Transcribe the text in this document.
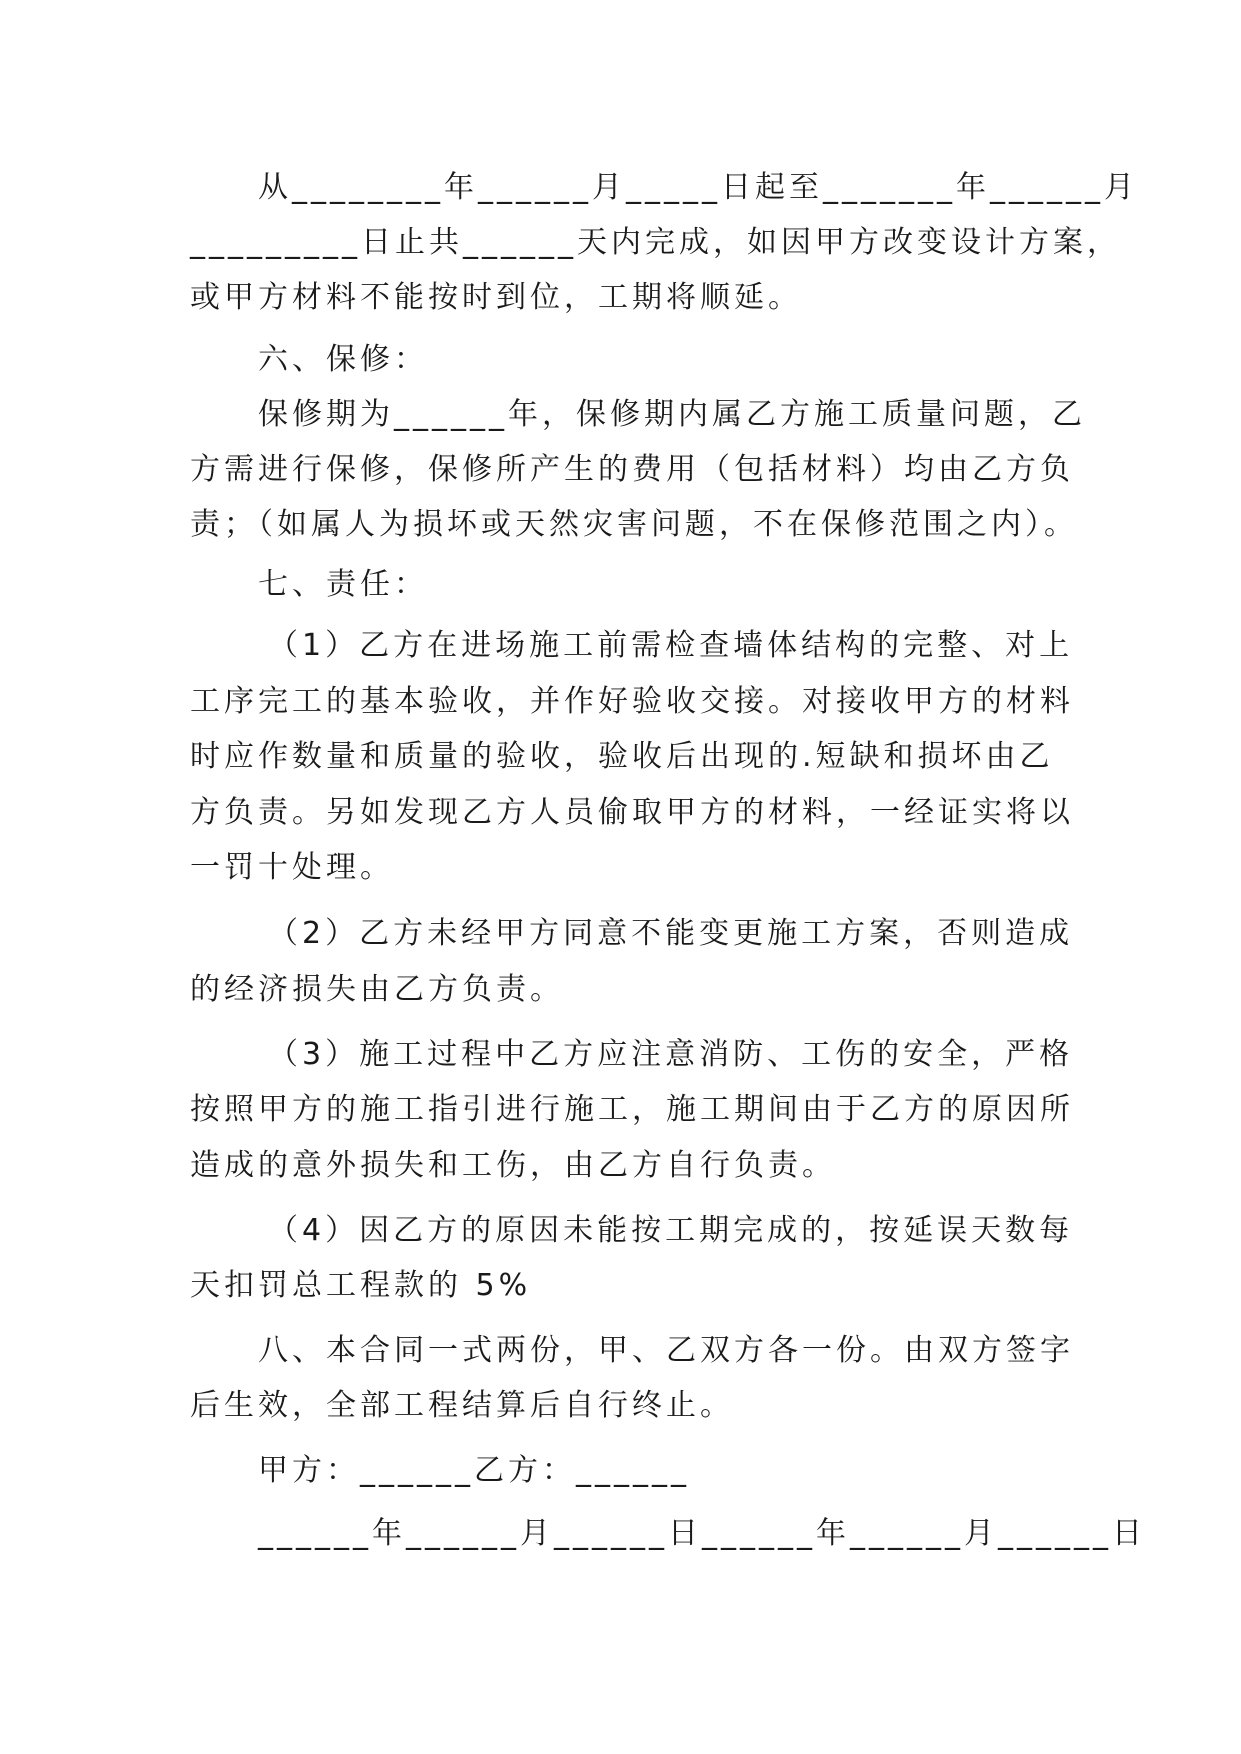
从________年______月_____日起至_______年______月

_________日止共______天内完成，如因甲方改变设计方案，

或甲方材料不能按时到位，工期将顺延。

六、保修：

保修期为______年，保修期内属乙方施工质量问题，乙

方需进行保修，保修所产生的费用（包括材料）均由乙方负

责；（如属人为损坏或天然灾害问题，不在保修范围之内）。

七、责任：

（1）乙方在进场施工前需检查墙体结构的完整、对上

工序完工的基本验收，并作好验收交接。对接收甲方的材料

时应作数量和质量的验收，验收后出现的.短缺和损坏由乙

方负责。另如发现乙方人员偷取甲方的材料，一经证实将以

一罚十处理。

（2）乙方未经甲方同意不能变更施工方案，否则造成

的经济损失由乙方负责。

（3）施工过程中乙方应注意消防、工伤的安全，严格

按照甲方的施工指引进行施工，施工期间由于乙方的原因所

造成的意外损失和工伤，由乙方自行负责。

（4）因乙方的原因未能按工期完成的，按延误天数每

天扣罚总工程款的 5%

八、本合同一式两份，甲、乙双方各一份。由双方签字

后生效，全部工程结算后自行终止。

甲方：______乙方：______

______年______月______日______年______月______日
